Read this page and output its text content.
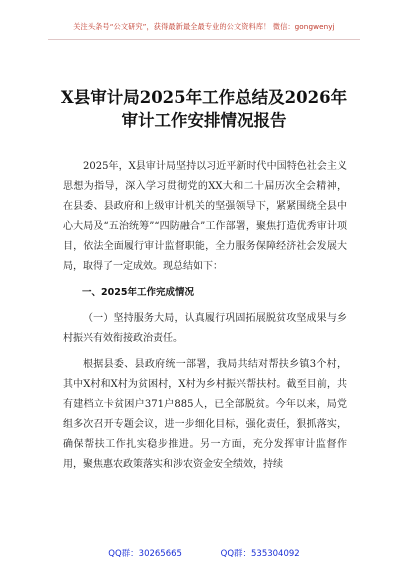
关注头条号“公文研究”，获得最新最全最专业的公文资料库！ 微信：gongwenyj
X县审计局2025年工作总结及2026年
审计工作安排情况报告

2025年，X县审计局坚持以习近平新时代中国特色社会主义思想为指导，深入学习贯彻党的XX大和二十届历次全会精神，在县委、县政府和上级审计机关的坚强领导下，紧紧围绕全县中心大局及“五治统筹”“四防融合”工作部署，聚焦打造优秀审计项目，依法全面履行审计监督职能，全力服务保障经济社会发展大局，取得了一定成效。现总结如下：

一、2025年工作完成情况

（一）坚持服务大局，认真履行巩固拓展脱贫攻坚成果与乡村振兴有效衔接政治责任。

根据县委、县政府统一部署，我局共结对帮扶乡镇3个村，其中X村和X村为贫困村，X村为乡村振兴帮扶村。截至目前，共有建档立卡贫困户371户885人，已全部脱贫。今年以来，局党组多次召开专题会议，进一步细化目标，强化责任，狠抓落实，确保帮扶工作扎实稳步推进。另一方面，充分发挥审计监督作用，聚焦惠农政策落实和涉农资金安全绩效，持续

QQ群：30265665	QQ群：535304092
